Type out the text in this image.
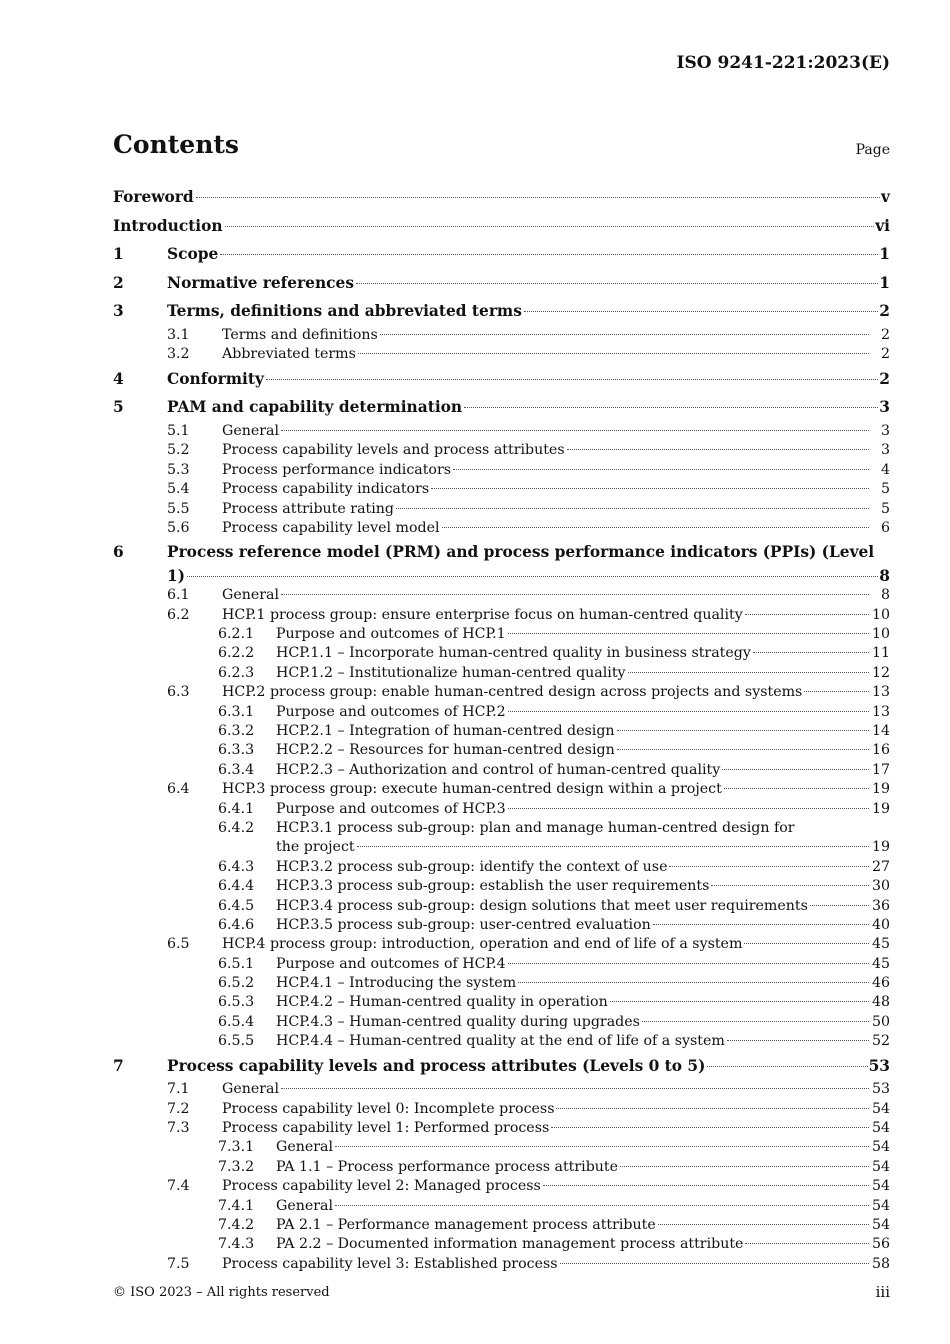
ISO 9241-221:2023(E)
Contents	Page
Foreword	v
Introduction	vi
1	Scope	1
2	Normative references	1
3	Terms, definitions and abbreviated terms	2
3.1 Terms and definitions	2
3.2 Abbreviated terms	2
4	Conformity	2
5	PAM and capability determination	3
5.1 General	3
5.2 Process capability levels and process attributes	3
5.3 Process performance indicators	4
5.4 Process capability indicators	5
5.5 Process attribute rating	5
5.6 Process capability level model	6
6	Process reference model (PRM) and process performance indicators (PPIs) (Level
1)	8
6.1 General	8
6.2 HCP.1 process group: ensure enterprise focus on human-centred quality	10
6.2.1 Purpose and outcomes of HCP.1	10
6.2.2 HCP.1.1 – Incorporate human-centred quality in business strategy	11
6.2.3 HCP.1.2 – Institutionalize human-centred quality	12
6.3 HCP.2 process group: enable human-centred design across projects and systems	13
6.3.1 Purpose and outcomes of HCP.2	13
6.3.2 HCP.2.1 – Integration of human-centred design	14
6.3.3 HCP.2.2 – Resources for human-centred design	16
6.3.4 HCP.2.3 – Authorization and control of human-centred quality	17
6.4 HCP.3 process group: execute human-centred design within a project	19
6.4.1 Purpose and outcomes of HCP.3	19
6.4.2 HCP.3.1 process sub-group: plan and manage human-centred design for
the project	19
6.4.3 HCP.3.2 process sub-group: identify the context of use	27
6.4.4 HCP.3.3 process sub-group: establish the user requirements	30
6.4.5 HCP.3.4 process sub-group: design solutions that meet user requirements	36
6.4.6 HCP.3.5 process sub-group: user-centred evaluation	40
6.5 HCP.4 process group: introduction, operation and end of life of a system	45
6.5.1 Purpose and outcomes of HCP.4	45
6.5.2 HCP.4.1 – Introducing the system	46
6.5.3 HCP.4.2 – Human-centred quality in operation	48
6.5.4 HCP.4.3 – Human-centred quality during upgrades	50
6.5.5 HCP.4.4 – Human-centred quality at the end of life of a system	52
7	Process capability levels and process attributes (Levels 0 to 5)	53
7.1 General	53
7.2 Process capability level 0: Incomplete process	54
7.3 Process capability level 1: Performed process	54
7.3.1 General	54
7.3.2 PA 1.1 – Process performance process attribute	54
7.4 Process capability level 2: Managed process	54
7.4.1 General	54
7.4.2 PA 2.1 – Performance management process attribute	54
7.4.3 PA 2.2 – Documented information management process attribute	56
7.5 Process capability level 3: Established process	58
© ISO 2023 – All rights reserved	iii
